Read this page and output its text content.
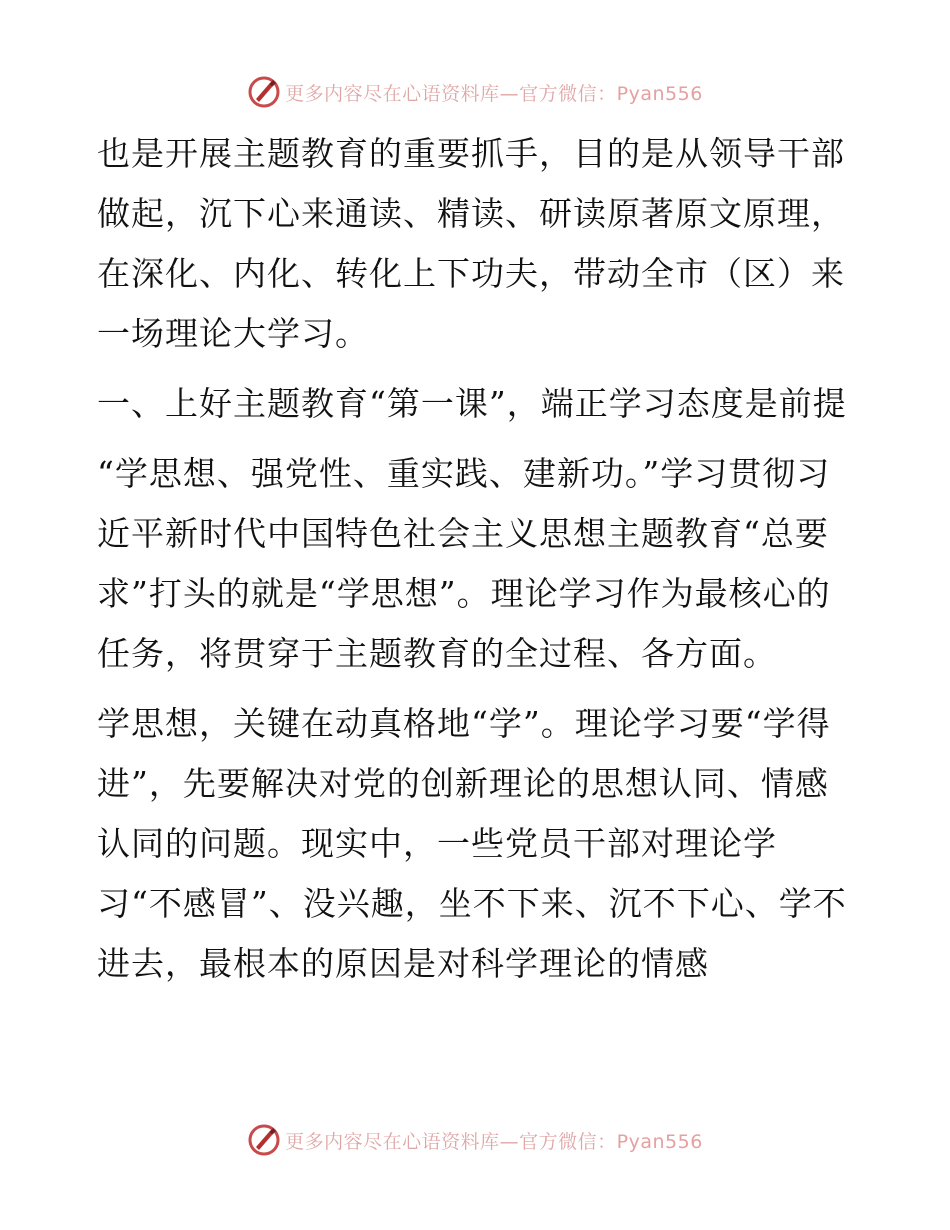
更多内容尽在心语资料库—官方微信：Pyan556

也是开展主题教育的重要抓手，目的是从领导干部做起，沉下心来通读、精读、研读原著原文原理，在深化、内化、转化上下功夫，带动全市（区）来一场理论大学习。

一、上好主题教育“第一课”，端正学习态度是前提

“学思想、强党性、重实践、建新功。”学习贯彻习近平新时代中国特色社会主义思想主题教育“总要求”打头的就是“学思想”。理论学习作为最核心的任务，将贯穿于主题教育的全过程、各方面。

学思想，关键在动真格地“学”。理论学习要“学得进”，先要解决对党的创新理论的思想认同、情感认同的问题。现实中，一些党员干部对理论学习“不感冒”、没兴趣，坐不下来、沉不下心、学不进去，最根本的原因是对科学理论的情感

更多内容尽在心语资料库—官方微信：Pyan556
